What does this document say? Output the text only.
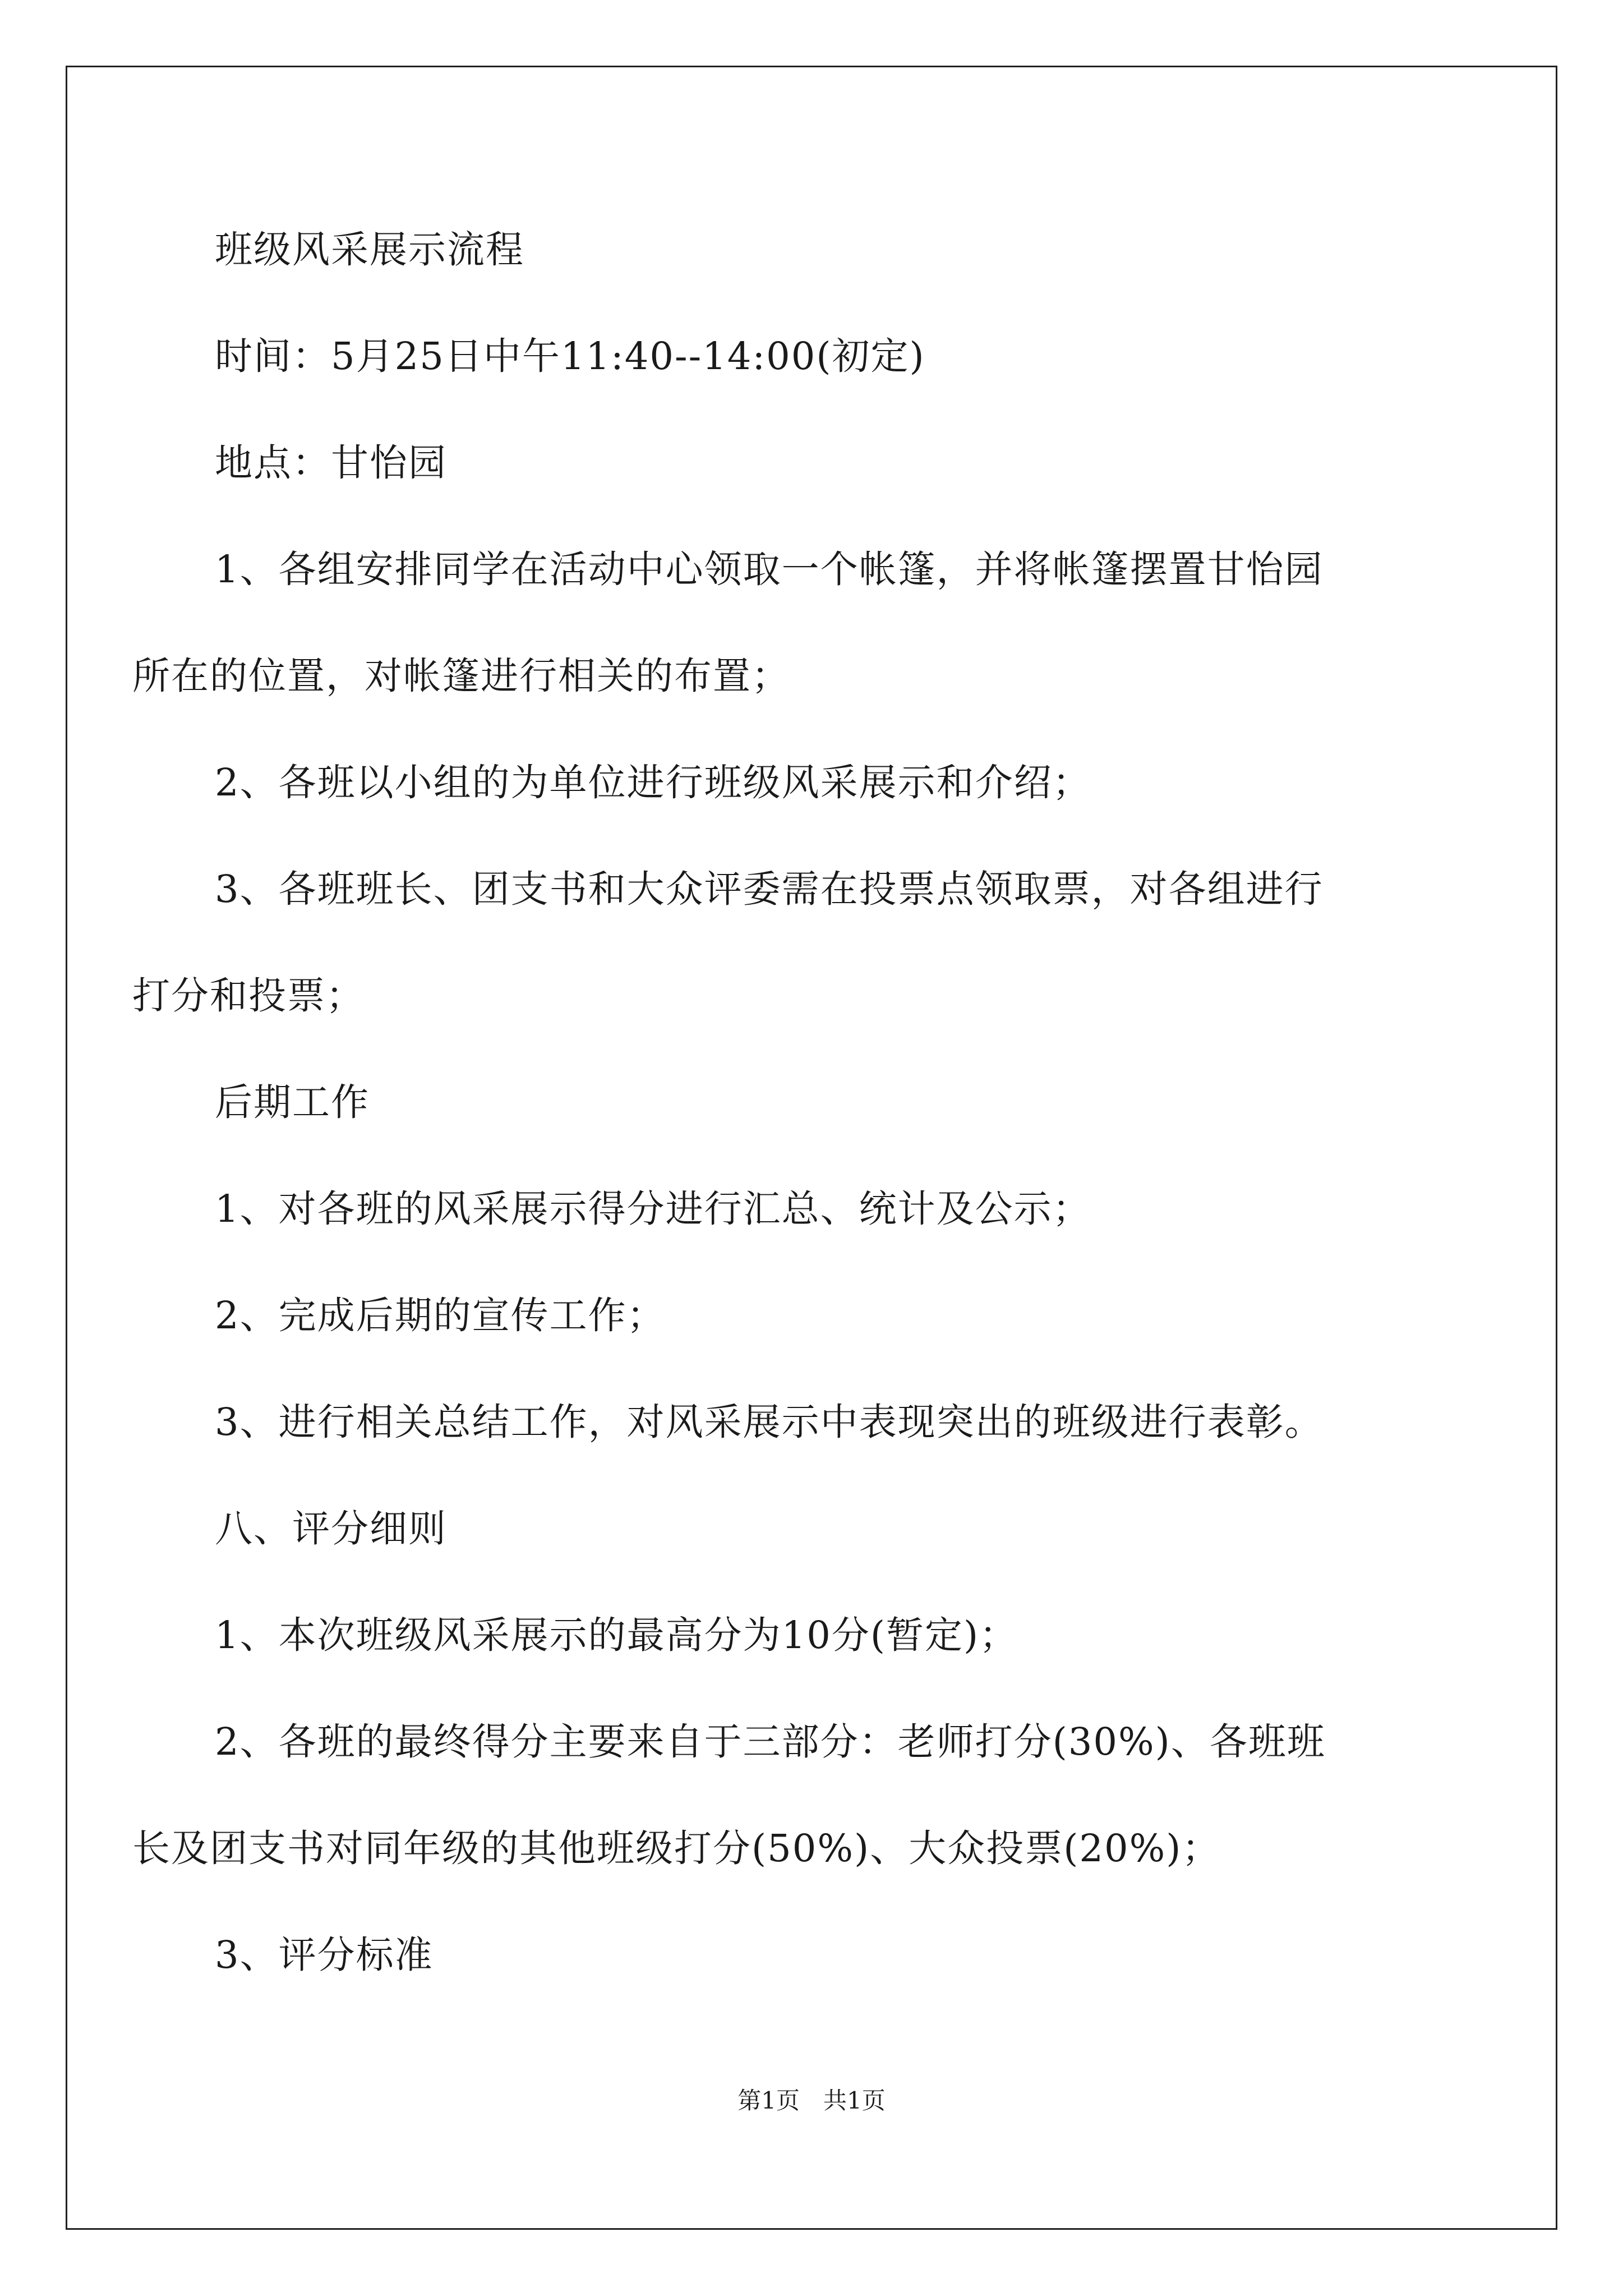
班级风采展示流程
时间：5月25日中午11:40--14:00(初定)
地点：甘怡园
1、各组安排同学在活动中心领取一个帐篷，并将帐篷摆置甘怡园
所在的位置，对帐篷进行相关的布置；
2、各班以小组的为单位进行班级风采展示和介绍；
3、各班班长、团支书和大众评委需在投票点领取票，对各组进行
打分和投票；
后期工作
1、对各班的风采展示得分进行汇总、统计及公示；
2、完成后期的宣传工作；
3、进行相关总结工作，对风采展示中表现突出的班级进行表彰。
八、评分细则
1、本次班级风采展示的最高分为10分(暂定)；
2、各班的最终得分主要来自于三部分：老师打分(30%)、各班班
长及团支书对同年级的其他班级打分(50%)、大众投票(20%)；
3、评分标准
第1页　共1页
